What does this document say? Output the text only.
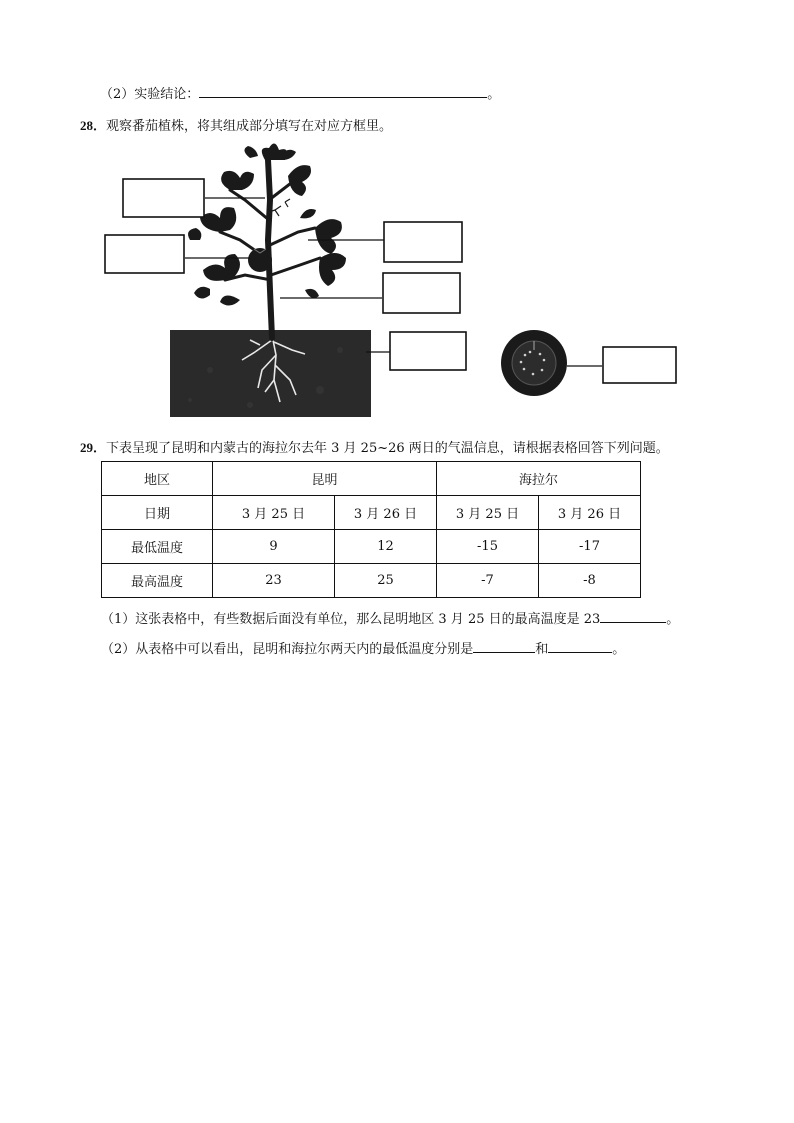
（2）实验结论：	。
28．观察番茄植株，将其组成部分填写在对应方框里。
29．下表呈现了昆明和内蒙古的海拉尔去年 3 月 25~26 两日的气温信息，请根据表格回答下列问题。
地区	昆明		海拉尔	
日期	3 月 25 日	3 月 26 日	3 月 25 日	3 月 26 日
最低温度	9	12	-15	-17
最高温度	23	25	-7	-8
（1）这张表格中，有些数据后面没有单位，那么昆明地区 3 月 25 日的最高温度是 23	。
（2）从表格中可以看出，昆明和海拉尔两天内的最低温度分别是	和	。
